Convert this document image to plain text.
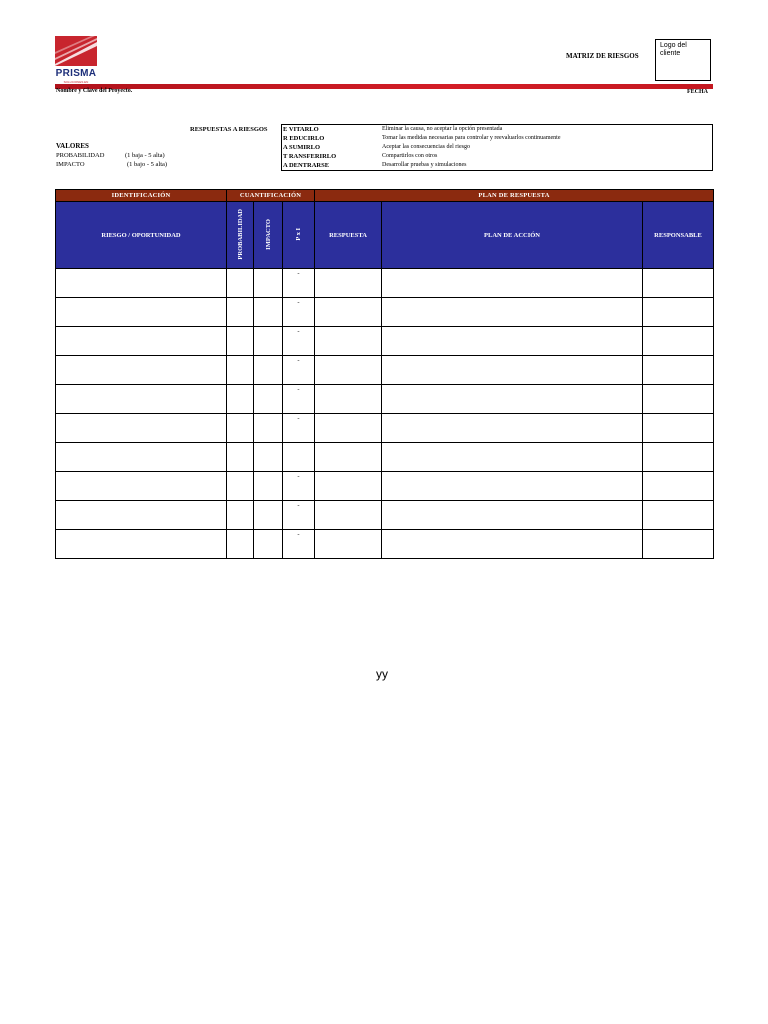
PRISMA
SOLUCIONES EN
MATRIZ DE RIESGOS
Logo del cliente
Nombre y Clave del Proyecto.	FECHA
RESPUESTAS A RIESGOS E VITARLO	Eliminar la causa, no aceptar la opción presentada
R EDUCIRLO	Tomar las medidas necesarias para controlar y reevaluarlos continuamente
A SUMIRLO	Aceptar las consecuencias del riesgo
T RANSFERIRLO	Compartirlos con otros
A DENTRARSE	Desarrollar pruebas y simulaciones
VALORES
PROBABILIDAD	(1 baja - 5 alta)
IMPACTO	(1 bajo - 5 alta)
IDENTIFICACIÓN	CUANTIFICACIÓN			PLAN DE RESPUESTA		
RIESGO / OPORTUNIDAD	PROBABILIDAD	IMPACTO	P x I	RESPUESTA	PLAN DE ACCIÓN	RESPONSABLE
			-			
			-			
			-			
			-			
			-			
			-			

			-			
			-			
			-			
yy
